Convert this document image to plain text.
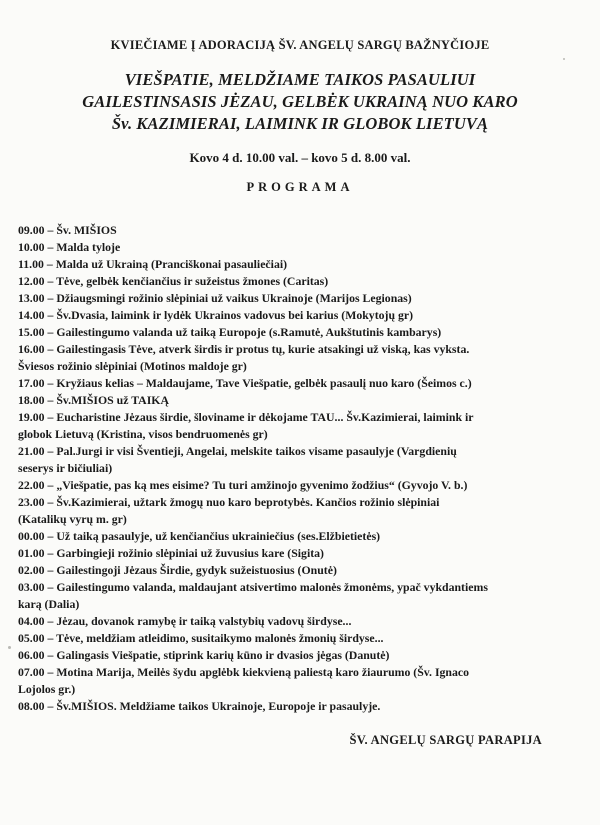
KVIEČIAME Į ADORACIJĄ ŠV. ANGELŲ SARGŲ BAŽNYČIOJE
VIEŠPATIE, MELDŽIAME TAIKOS PASAULIUI
GAILESTINSASIS JĖZAU, GELBĖK UKRAINĄ NUO KARO
Šv. KAZIMIERAI, LAIMINK IR GLOBOK LIETUVĄ
Kovo 4 d. 10.00 val. – kovo 5 d. 8.00 val.
PROGRAMA
09.00 – Šv. MIŠIOS
10.00 – Malda tyloje
11.00 – Malda už Ukrainą (Pranciškonai pasauliečiai)
12.00 – Tėve, gelbėk kenčiančius ir sužeistus žmones (Caritas)
13.00 – Džiaugsmingi rožinio slėpiniai už vaikus Ukrainoje (Marijos Legionas)
14.00 – Šv.Dvasia, laimink ir lydėk Ukrainos vadovus bei karius (Mokytojų gr)
15.00 – Gailestingumo valanda už taiką Europoje (s.Ramutė, Aukštutinis kambarys)
16.00 – Gailestingasis Tėve, atverk širdis ir protus tų, kurie atsakingi už viską, kas vyksta.
Šviesos rožinio slėpiniai (Motinos maldoje gr)
17.00 – Kryžiaus kelias – Maldaujame, Tave Viešpatie, gelbėk pasaulį nuo karo (Šeimos c.)
18.00 – Šv.MIŠIOS už TAIKĄ
19.00 – Eucharistine Jėzaus širdie, šloviname ir dėkojame TAU... Šv.Kazimierai, laimink ir
globok Lietuvą (Kristina, visos bendruomenės gr)
21.00 – Pal.Jurgi ir visi Šventieji, Angelai, melskite taikos visame pasaulyje (Vargdienių
seserys ir bičiuliai)
22.00 – „Viešpatie, pas ką mes eisime? Tu turi amžinojo gyvenimo žodžius“ (Gyvojo V. b.)
23.00 – Šv.Kazimierai, užtark žmogų nuo karo beprotybės. Kančios rožinio slėpiniai
(Katalikų vyrų m. gr)
00.00 – Už taiką pasaulyje, už kenčiančius ukrainiečius (ses.Elžbietietės)
01.00 – Garbingieji rožinio slėpiniai už žuvusius kare (Sigita)
02.00 – Gailestingoji Jėzaus Širdie, gydyk sužeistuosius (Onutė)
03.00 – Gailestingumo valanda, maldaujant atsivertimo malonės žmonėms, ypač vykdantiems
karą (Dalia)
04.00 – Jėzau, dovanok ramybę ir taiką valstybių vadovų širdyse...
05.00 – Tėve, meldžiam atleidimo, susitaikymo malonės žmonių širdyse...
06.00 – Galingasis Viešpatie, stiprink karių kūno ir dvasios jėgas (Danutė)
07.00 – Motina Marija, Meilės šydu apglėbk kiekvieną paliestą karo žiaurumo (Šv. Ignaco
Lojolos gr.)
08.00 – Šv.MIŠIOS. Meldžiame taikos Ukrainoje, Europoje ir pasaulyje.
ŠV. ANGELŲ SARGŲ PARAPIJA
